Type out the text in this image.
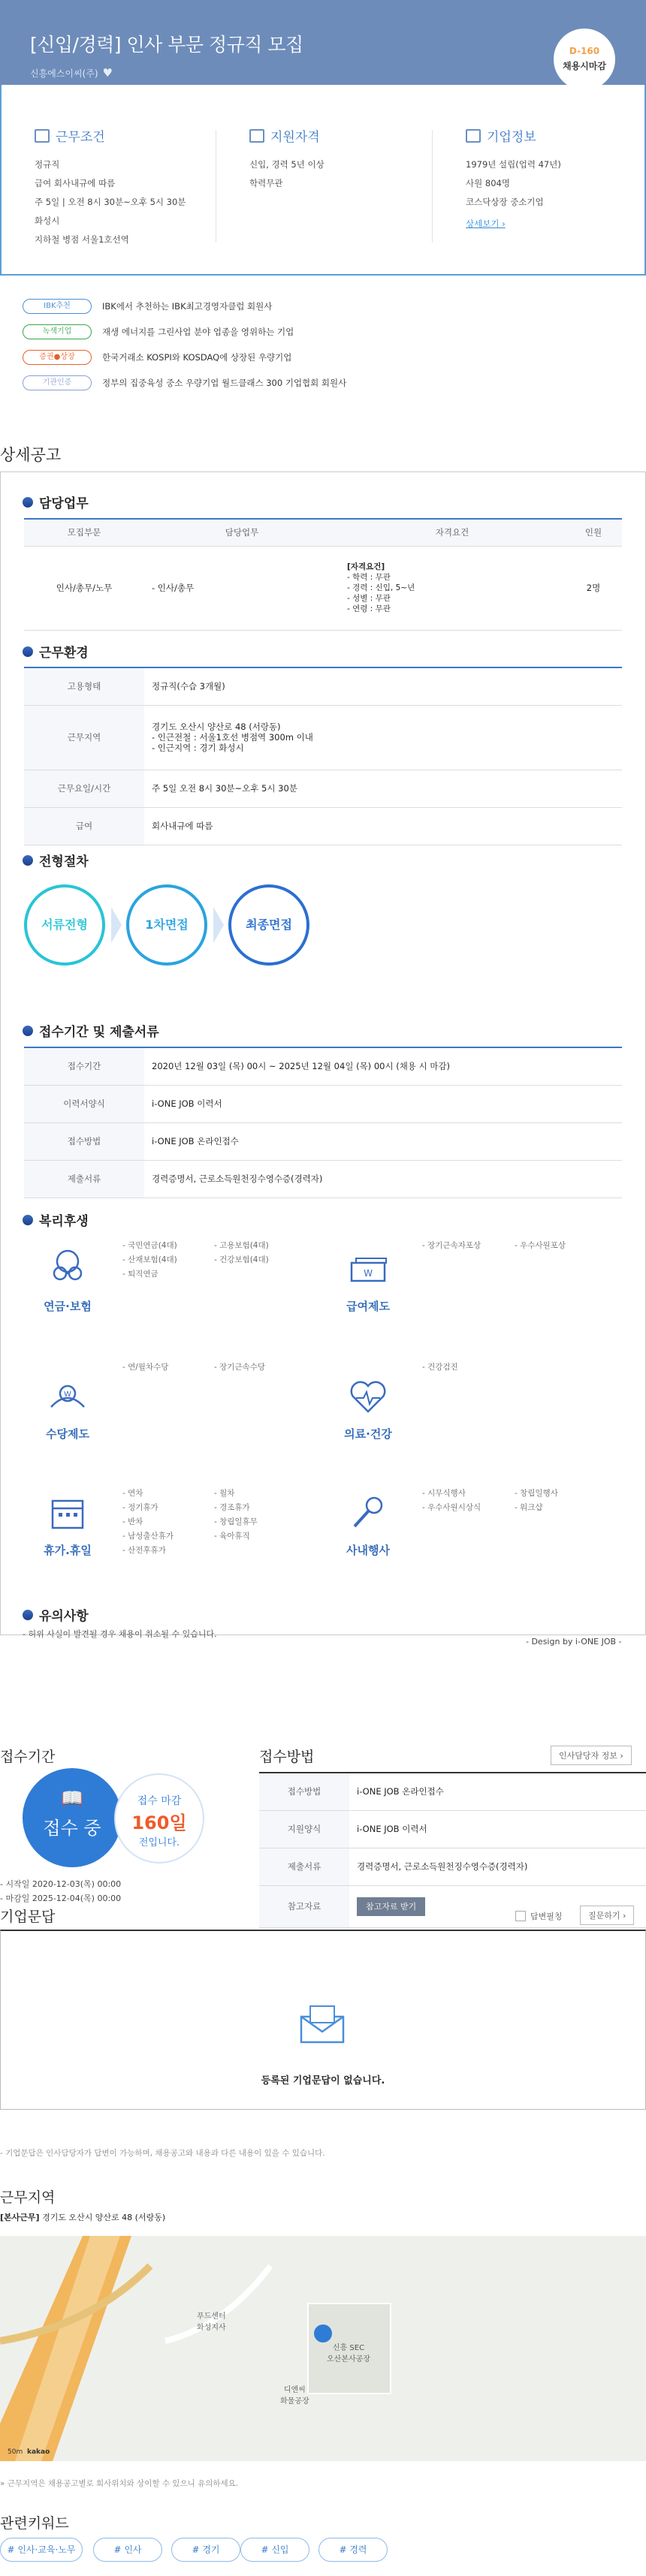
[신입/경력] 인사 부문 정규직 모집
신흥에스이씨(주) ♥
D-160
채용시마감
근무조건
정규직
급여 회사내규에 따름
주 5일 | 오전 8시 30분~오후 5시 30분
화성시
지하철 병점 서울1호선역
지원자격
신입, 경력 5년 이상
학력무관
기업정보
1979년 설립(업력 47년)
사원 804명
코스닥상장 중소기업
상세보기 ›
IBK추천	IBK에서 추천하는 IBK최고경영자클럽 회원사
녹색기업	재생 에너지를 그린사업 분야 업종을 영위하는 기업
증권●상장	한국거래소 KOSPI와 KOSDAQ에 상장된 우량기업
기관인증	정부의 집중육성 중소 우량기업 월드클래스 300 기업협회 회원사
상세공고
담당업무
모집부문	담당업무	자격요건	인원
인사/총무/노무	- 인사/총무	[자격요건]
- 학력 : 무관
- 경력 : 신입, 5~년
- 성별 : 무관
- 연령 : 무관	2명
근무환경
고용형태	정규직(수습 3개월)
근무지역	경기도 오산시 양산로 48 (서랑동)
- 인근전철 : 서울1호선 병점역 300m 이내
- 인근지역 : 경기 화성시
근무요일/시간	주 5일 오전 8시 30분~오후 5시 30분
급여	회사내규에 따름
전형절차
서류전형	1차면접	최종면접
접수기간 및 제출서류
접수기간	2020년 12월 03일 (목) 00시 ~ 2025년 12월 04일 (목) 00시 (채용 시 마감)
이력서양식	i-ONE JOB 이력서
접수방법	i-ONE JOB 온라인접수
제출서류	경력증명서, 근로소득원천징수영수증(경력자)
복리후생
연금·보험
- 국민연금(4대)
- 산재보험(4대)
- 퇴직연금
- 고용보험(4대)
- 건강보험(4대)
W
급여제도
- 장기근속자포상	- 우수사원포상
W
수당제도
- 연/월차수당	- 장기근속수당
의료·건강
- 건강검진
휴가.휴일
- 연차
- 정기휴가
- 반차
- 남성출산휴가
- 산전후휴가
- 월차
- 경조휴가
- 창립일휴무
- 육아휴직
사내행사
- 시무식행사
- 우수사원시상식
- 창립일행사
- 워크샵
유의사항
- 허위 사실이 발견될 경우 채용이 취소될 수 있습니다.
- Design by i-ONE JOB -
접수기간
📖
접수 중
접수 마감
160일
전입니다.
- 시작일 2020-12-03(목) 00:00
- 마감일 2025-12-04(목) 00:00
접수방법	인사담당자 정보 ›
접수방법	i-ONE JOB 온라인접수
지원양식	i-ONE JOB 이력서
제출서류	경력증명서, 근로소득원천징수영수증(경력자)
참고자료	참고자료 받기
기업문답	답변필칭	질문하기 ›
등록된 기업문답이 없습니다.
- 기업문답은 인사담당자가 답변이 가능하며, 채용공고와 내용과 다른 내용이 있을 수 있습니다.
근무지역
[본사근무] 경기도 오산시 양산로 48 (서랑동)
푸드센터
화성지사
신흥 SEC
오산본사공장
디엔씨
화물공장
50m kakao
» 근무지역은 채용공고별로 회사위치와 상이할 수 있으니 유의하세요.
관련키워드
# 인사·교육·노무	# 인사	# 경기	# 신입	# 경력
